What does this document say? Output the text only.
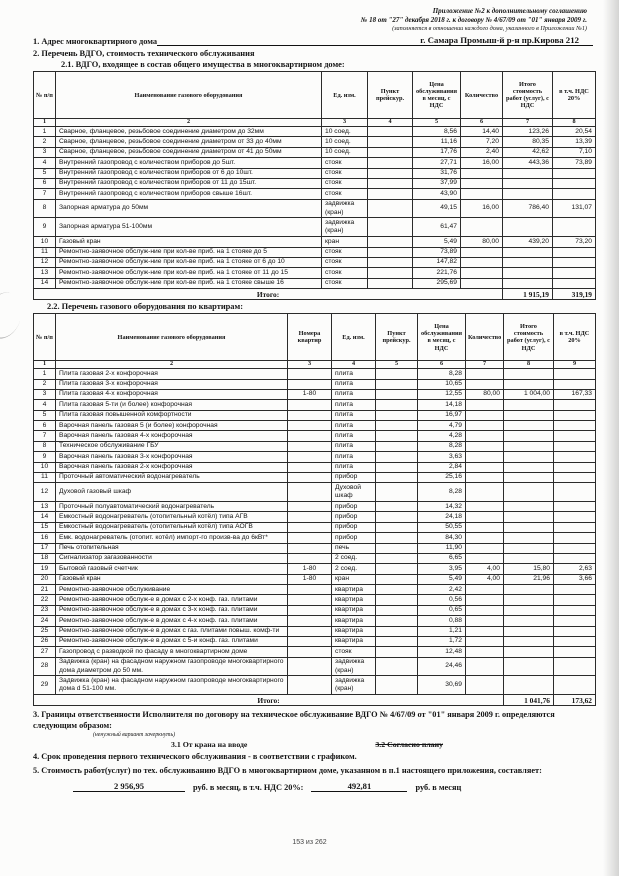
Приложение №2 к дополнительному соглашению
№ 18 от "27" декабря 2018 г. к договору № 4/67/09 от "01" января 2009 г.
(заполняется в отношении каждого дома, указанного в Приложении №1)
1. Адрес многоквартирного дома	г. Самара Промыш-й р-н пр.Кирова 212
2. Перечень ВДГО, стоимость технического обслуживания
2.1. ВДГО, входящее в состав общего имущества в многоквартирном доме:
№ п/п	Наименование газового оборудования	Ед. изм.	Пункт прейскур.	Цена обслуживания в месяц, с НДС	Количество	Итого стоимость работ (услуг), с НДС	в т.ч. НДС 20%
1	2	3	4	5	6	7	8
1	Сварное, фланцевое, резьбовое соединение диаметром до 32мм	10 соед.		8,56	14,40	123,26	20,54
2	Сварное, фланцевое, резьбовое соединение диаметром от 33 до 40мм	10 соед.		11,16	7,20	80,35	13,39
3	Сварное, фланцевое, резьбовое соединение диаметром от 41 до 50мм	10 соед.		17,76	2,40	42,62	7,10
4	Внутренний газопровод с количеством приборов до 5шт.	стояк		27,71	16,00	443,36	73,89
5	Внутренний газопровод с количеством приборов от 6 до 10шт.	стояк		31,76			
6	Внутренний газопровод с количеством приборов от 11 до 15шт.	стояк		37,99			
7	Внутренний газопровод с количеством приборов свыше 16шт.	стояк		43,90			
8	Запорная арматура до 50мм	задвижка (кран)		49,15	16,00	786,40	131,07
9	Запорная арматура 51-100мм	задвижка (кран)		61,47			
10	Газовый кран	кран		5,49	80,00	439,20	73,20
11	Ремонтно-заявочное обслуж-ние при кол-ве приб. на 1 стояке до 5	стояк		73,89			
12	Ремонтно-заявочное обслуж-ние при кол-ве приб. на 1 стояке от 6 до 10	стояк		147,82			
13	Ремонтно-заявочное обслуж-ние при кол-ве приб. на 1 стояке от 11 до 15	стояк		221,76			
14	Ремонтно-заявочное обслуж-ние при кол-ве приб. на 1 стояке свыше 16	стояк		295,69			
Итого:						1 915,19	319,19
2.2. Перечень газового оборудования по квартирам:
№ п/п	Наименование газового оборудования	Номера квартир	Ед. изм.	Пункт прейскур.	Цена обслуживания в месяц, с НДС	Количество	Итого стоимость работ (услуг), с НДС	в т.ч. НДС 20%
1	2	3	4	5	6	7	8	9
1	Плита газовая 2-х конфорочная		плита		8,28			
2	Плита газовая 3-х конфорочная		плита		10,65			
3	Плита газовая 4-х конфорочная	1-80	плита		12,55	80,00	1 004,00	167,33
4	Плита газовая 5-ти (и более) конфорочная		плита		14,18			
5	Плита газовая повышенной комфортности		плита		16,97			
6	Варочная панель газовая 5 (и более) конфорочная		плита		4,79			
7	Варочная панель газовая 4-х конфорочная		плита		4,28			
8	Техническое обслуживание ГБУ		плита		8,28			
9	Варочная панель газовая 3-х конфорочная		плита		3,63			
10	Варочная панель газовая 2-х конфорочная		плита		2,84			
11	Проточный автоматический водонагреватель		прибор		25,16			
12	Духовой газовый шкаф		Духовой шкаф		8,28			
13	Проточный полуавтоматический водонагреватель		прибор		14,32			
14	Емкостный водонагреватель (отопительный котёл) типа АГВ		прибор		24,18			
15	Емкостный водонагреватель (отопительный котёл) типа АОГВ		прибор		50,55			
16	Емк. водонагреватель (отопит. котёл) импорт-го произв-ва до 6кВт*		прибор		84,30			
17	Печь отопительная		печь		11,90			
18	Сигнализатор загазованности		2 соед.		6,65			
19	Бытовой газовый счетчик	1-80	2 соед.		3,95	4,00	15,80	2,63
20	Газовый кран	1-80	кран		5,49	4,00	21,96	3,66
21	Ремонтно-заявочное обслуживание		квартира		2,42			
22	Ремонтно-заявочное обслуж-е в домах с 2-х конф. газ. плитами		квартира		0,56			
23	Ремонтно-заявочное обслуж-е в домах с 3-х конф. газ. плитами		квартира		0,65			
24	Ремонтно-заявочное обслуж-е в домах с 4-х конф. газ. плитами		квартира		0,88			
25	Ремонтно-заявочное обслуж-е в домах с газ. плитами повыш. комф-ти		квартира		1,21			
26	Ремонтно-заявочное обслуж-е в домах с 5-и конф. газ. плитами		квартира		1,72			
27	Газопровод с разводкой по фасаду в многоквартирном доме		стояк		12,48			
28	Задвижка (кран) на фасадном наружном газопроводе многоквартирного дома диаметром до 50 мм.		задвижка (кран)		24,46			
29	Задвижка (кран) на фасадном наружном газопроводе многоквартирного дома d 51-100 мм.		задвижка (кран)		30,69			
Итого:							1 041,76	173,62
3. Границы ответственности Исполнителя по договору на техническое обслуживание ВДГО № 4/67/09 от "01" января 2009 г. определяются следующим образом:
(ненужный вариант зачеркнуть)
3.1 От крана на вводе	3.2 Согласно плану
4. Срок проведения первого технического обслуживания - в соответствии с графиком.
5. Стоимость работ(услуг) по тех. обслуживанию ВДГО в многоквартирном доме, указанном в п.1 настоящего приложения, составляет:
2 956,95	руб. в месяц, в т.ч. НДС 20%:	492,81	руб. в месяц
153 из 262
